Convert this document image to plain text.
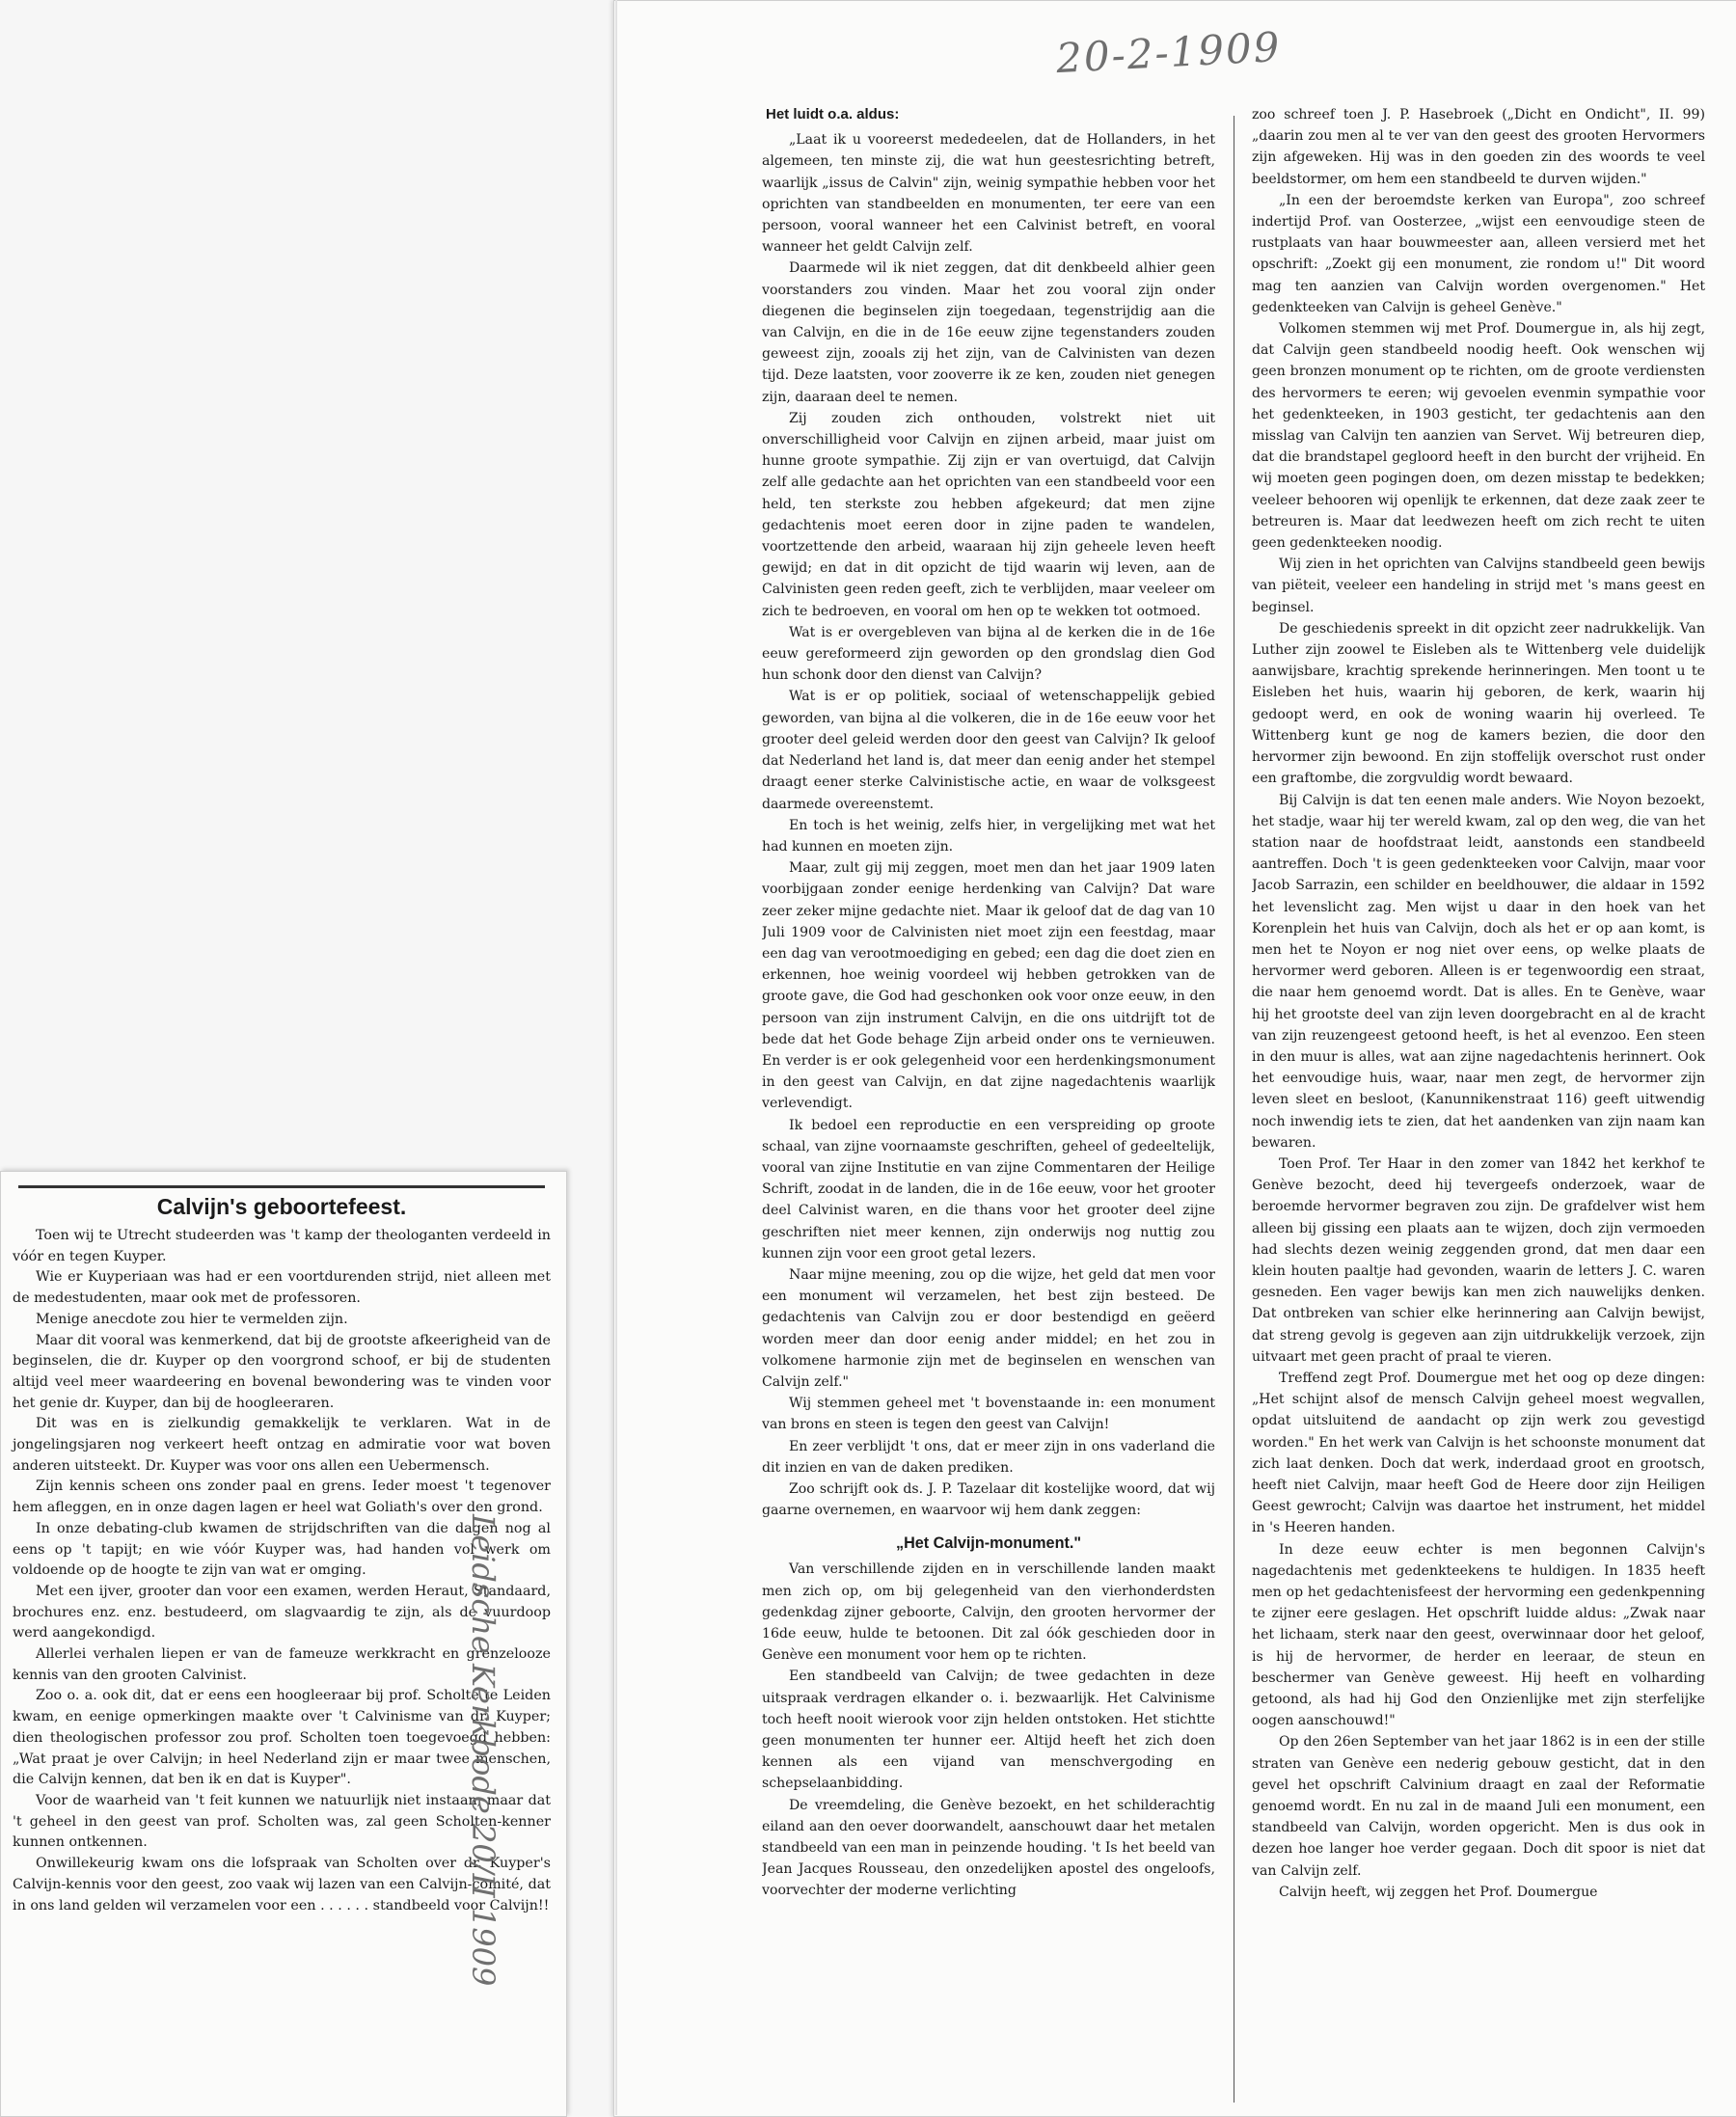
20-2-1909

Het luidt o.a. aldus:

„Laat ik u vooreerst mededeelen, dat de Hollanders, in het algemeen, ten minste zij, die wat hun geestesrichting betreft, waarlijk „issus de Calvin" zijn, weinig sympathie hebben voor het oprichten van standbeelden en monumenten, ter eere van een persoon, vooral wanneer het een Calvinist betreft, en vooral wanneer het geldt Calvijn zelf.

Daarmede wil ik niet zeggen, dat dit denkbeeld alhier geen voorstanders zou vinden. Maar het zou vooral zijn onder diegenen die beginselen zijn toegedaan, tegenstrijdig aan die van Calvijn, en die in de 16e eeuw zijne tegenstanders zouden geweest zijn, zooals zij het zijn, van de Calvinisten van dezen tijd. Deze laatsten, voor zooverre ik ze ken, zouden niet genegen zijn, daaraan deel te nemen.

Zij zouden zich onthouden, volstrekt niet uit onverschilligheid voor Calvijn en zijnen arbeid, maar juist om hunne groote sympathie. Zij zijn er van overtuigd, dat Calvijn zelf alle gedachte aan het oprichten van een standbeeld voor een held, ten sterkste zou hebben afgekeurd; dat men zijne gedachtenis moet eeren door in zijne paden te wandelen, voortzettende den arbeid, waaraan hij zijn geheele leven heeft gewijd; en dat in dit opzicht de tijd waarin wij leven, aan de Calvinisten geen reden geeft, zich te verblijden, maar veeleer om zich te bedroeven, en vooral om hen op te wekken tot ootmoed.

Wat is er overgebleven van bijna al de kerken die in de 16e eeuw gereformeerd zijn geworden op den grondslag dien God hun schonk door den dienst van Calvijn?

Wat is er op politiek, sociaal of wetenschappelijk gebied geworden, van bijna al die volkeren, die in de 16e eeuw voor het grooter deel geleid werden door den geest van Calvijn? Ik geloof dat Nederland het land is, dat meer dan eenig ander het stempel draagt eener sterke Calvinistische actie, en waar de volksgeest daarmede overeenstemt.

En toch is het weinig, zelfs hier, in vergelijking met wat het had kunnen en moeten zijn.

Maar, zult gij mij zeggen, moet men dan het jaar 1909 laten voorbijgaan zonder eenige herdenking van Calvijn? Dat ware zeer zeker mijne gedachte niet. Maar ik geloof dat de dag van 10 Juli 1909 voor de Calvinisten niet moet zijn een feestdag, maar een dag van verootmoediging en gebed; een dag die doet zien en erkennen, hoe weinig voordeel wij hebben getrokken van de groote gave, die God had geschonken ook voor onze eeuw, in den persoon van zijn instrument Calvijn, en die ons uitdrijft tot de bede dat het Gode behage Zijn arbeid onder ons te vernieuwen. En verder is er ook gelegenheid voor een herdenkingsmonument in den geest van Calvijn, en dat zijne nagedachtenis waarlijk verlevendigt.

Ik bedoel een reproductie en een verspreiding op groote schaal, van zijne voornaamste geschriften, geheel of gedeeltelijk, vooral van zijne Institutie en van zijne Commentaren der Heilige Schrift, zoodat in de landen, die in de 16e eeuw, voor het grooter deel Calvinist waren, en die thans voor het grooter deel zijne geschriften niet meer kennen, zijn onderwijs nog nuttig zou kunnen zijn voor een groot getal lezers.

Naar mijne meening, zou op die wijze, het geld dat men voor een monument wil verzamelen, het best zijn besteed. De gedachtenis van Calvijn zou er door bestendigd en geëerd worden meer dan door eenig ander middel; en het zou in volkomene harmonie zijn met de beginselen en wenschen van Calvijn zelf."

Wij stemmen geheel met 't bovenstaande in: een monument van brons en steen is tegen den geest van Calvijn!

En zeer verblijdt 't ons, dat er meer zijn in ons vaderland die dit inzien en van de daken prediken.

Zoo schrijft ook ds. J. P. Tazelaar dit kostelijke woord, dat wij gaarne overnemen, en waarvoor wij hem dank zeggen:

„Het Calvijn-monument."

Van verschillende zijden en in verschillende landen maakt men zich op, om bij gelegenheid van den vierhonderdsten gedenkdag zijner geboorte, Calvijn, den grooten hervormer der 16de eeuw, hulde te betoonen. Dit zal óók geschieden door in Genève een monument voor hem op te richten.

Een standbeeld van Calvijn; de twee gedachten in deze uitspraak verdragen elkander o. i. bezwaarlijk. Het Calvinisme toch heeft nooit wierook voor zijn helden ontstoken. Het stichtte geen monumenten ter hunner eer. Altijd heeft het zich doen kennen als een vijand van menschvergoding en schepselaanbidding.

De vreemdeling, die Genève bezoekt, en het schilderachtig eiland aan den oever doorwandelt, aanschouwt daar het metalen standbeeld van een man in peinzende houding. 't Is het beeld van Jean Jacques Rousseau, den onzedelijken apostel des ongeloofs, voorvechter der moderne verlichting

zoo schreef toen J. P. Hasebroek („Dicht en Ondicht", II. 99) „daarin zou men al te ver van den geest des grooten Hervormers zijn afgeweken. Hij was in den goeden zin des woords te veel beeldstormer, om hem een standbeeld te durven wijden."

„In een der beroemdste kerken van Europa", zoo schreef indertijd Prof. van Oosterzee, „wijst een eenvoudige steen de rustplaats van haar bouwmeester aan, alleen versierd met het opschrift: „Zoekt gij een monument, zie rondom u!" Dit woord mag ten aanzien van Calvijn worden overgenomen." Het gedenkteeken van Calvijn is geheel Genève."

Volkomen stemmen wij met Prof. Doumergue in, als hij zegt, dat Calvijn geen standbeeld noodig heeft. Ook wenschen wij geen bronzen monument op te richten, om de groote verdiensten des hervormers te eeren; wij gevoelen evenmin sympathie voor het gedenkteeken, in 1903 gesticht, ter gedachtenis aan den misslag van Calvijn ten aanzien van Servet. Wij betreuren diep, dat die brandstapel gegloord heeft in den burcht der vrijheid. En wij moeten geen pogingen doen, om dezen misstap te bedekken; veeleer behooren wij openlijk te erkennen, dat deze zaak zeer te betreuren is. Maar dat leedwezen heeft om zich recht te uiten geen gedenkteeken noodig.

Wij zien in het oprichten van Calvijns standbeeld geen bewijs van piëteit, veeleer een handeling in strijd met 's mans geest en beginsel.

De geschiedenis spreekt in dit opzicht zeer nadrukkelijk. Van Luther zijn zoowel te Eisleben als te Wittenberg vele duidelijk aanwijsbare, krachtig sprekende herinneringen. Men toont u te Eisleben het huis, waarin hij geboren, de kerk, waarin hij gedoopt werd, en ook de woning waarin hij overleed. Te Wittenberg kunt ge nog de kamers bezien, die door den hervormer zijn bewoond. En zijn stoffelijk overschot rust onder een graftombe, die zorgvuldig wordt bewaard.

Bij Calvijn is dat ten eenen male anders. Wie Noyon bezoekt, het stadje, waar hij ter wereld kwam, zal op den weg, die van het station naar de hoofdstraat leidt, aanstonds een standbeeld aantreffen. Doch 't is geen gedenkteeken voor Calvijn, maar voor Jacob Sarrazin, een schilder en beeldhouwer, die aldaar in 1592 het levenslicht zag. Men wijst u daar in den hoek van het Korenplein het huis van Calvijn, doch als het er op aan komt, is men het te Noyon er nog niet over eens, op welke plaats de hervormer werd geboren. Alleen is er tegenwoordig een straat, die naar hem genoemd wordt. Dat is alles. En te Genève, waar hij het grootste deel van zijn leven doorgebracht en al de kracht van zijn reuzengeest getoond heeft, is het al evenzoo. Een steen in den muur is alles, wat aan zijne nagedachtenis herinnert. Ook het eenvoudige huis, waar, naar men zegt, de hervormer zijn leven sleet en besloot, (Kanunnikenstraat 116) geeft uitwendig noch inwendig iets te zien, dat het aandenken van zijn naam kan bewaren.

Toen Prof. Ter Haar in den zomer van 1842 het kerkhof te Genève bezocht, deed hij tevergeefs onderzoek, waar de beroemde hervormer begraven zou zijn. De grafdelver wist hem alleen bij gissing een plaats aan te wijzen, doch zijn vermoeden had slechts dezen weinig zeggenden grond, dat men daar een klein houten paaltje had gevonden, waarin de letters J. C. waren gesneden. Een vager bewijs kan men zich nauwelijks denken. Dat ontbreken van schier elke herinnering aan Calvijn bewijst, dat streng gevolg is gegeven aan zijn uitdrukkelijk verzoek, zijn uitvaart met geen pracht of praal te vieren.

Treffend zegt Prof. Doumergue met het oog op deze dingen: „Het schijnt alsof de mensch Calvijn geheel moest wegvallen, opdat uitsluitend de aandacht op zijn werk zou gevestigd worden." En het werk van Calvijn is het schoonste monument dat zich laat denken. Doch dat werk, inderdaad groot en grootsch, heeft niet Calvijn, maar heeft God de Heere door zijn Heiligen Geest gewrocht; Calvijn was daartoe het instrument, het middel in 's Heeren handen.

In deze eeuw echter is men begonnen Calvijn's nagedachtenis met gedenkteekens te huldigen. In 1835 heeft men op het gedachtenisfeest der hervorming een gedenkpenning te zijner eere geslagen. Het opschrift luidde aldus: „Zwak naar het lichaam, sterk naar den geest, overwinnaar door het geloof, is hij de hervormer, de herder en leeraar, de steun en beschermer van Genève geweest. Hij heeft en volharding getoond, als had hij God den Onzienlijke met zijn sterfelijke oogen aanschouwd!"

Op den 26en September van het jaar 1862 is in een der stille straten van Genève een nederig gebouw gesticht, dat in den gevel het opschrift Calvinium draagt en zaal der Reformatie genoemd wordt. En nu zal in de maand Juli een monument, een standbeeld van Calvijn, worden opgericht. Men is dus ook in dezen hoe langer hoe verder gegaan. Doch dit spoor is niet dat van Calvijn zelf.

Calvijn heeft, wij zeggen het Prof. Doumergue

Calvijn's geboortefeest.

Toen wij te Utrecht studeerden was 't kamp der theologanten verdeeld in vóór en tegen Kuyper.

Wie er Kuyperiaan was had er een voortdurenden strijd, niet alleen met de medestudenten, maar ook met de professoren.

Menige anecdote zou hier te vermelden zijn.

Maar dit vooral was kenmerkend, dat bij de grootste afkeerigheid van de beginselen, die dr. Kuyper op den voorgrond schoof, er bij de studenten altijd veel meer waardeering en bovenal bewondering was te vinden voor het genie dr. Kuyper, dan bij de hoogleeraren.

Dit was en is zielkundig gemakkelijk te verklaren. Wat in de jongelingsjaren nog verkeert heeft ontzag en admiratie voor wat boven anderen uitsteekt. Dr. Kuyper was voor ons allen een Uebermensch.

Zijn kennis scheen ons zonder paal en grens. Ieder moest 't tegenover hem afleggen, en in onze dagen lagen er heel wat Goliath's over den grond.

In onze debating-club kwamen de strijdschriften van die dagen nog al eens op 't tapijt; en wie vóór Kuyper was, had handen vol werk om voldoende op de hoogte te zijn van wat er omging.

Met een ijver, grooter dan voor een examen, werden Heraut, Standaard, brochures enz. enz. bestudeerd, om slagvaardig te zijn, als de vuurdoop werd aangekondigd.

Allerlei verhalen liepen er van de fameuze werkkracht en grenzelooze kennis van den grooten Calvinist.

Zoo o. a. ook dit, dat er eens een hoogleeraar bij prof. Scholte te Leiden kwam, en eenige opmerkingen maakte over 't Calvinisme van dr. Kuyper; dien theologischen professor zou prof. Scholten toen toegevoegd hebben: „Wat praat je over Calvijn; in heel Nederland zijn er maar twee menschen, die Calvijn kennen, dat ben ik en dat is Kuyper".

Voor de waarheid van 't feit kunnen we natuurlijk niet instaan; maar dat 't geheel in den geest van prof. Scholten was, zal geen Scholten-kenner kunnen ontkennen.

Onwillekeurig kwam ons die lofspraak van Scholten over dr. Kuyper's Calvijn-kennis voor den geest, zoo vaak wij lazen van een Calvijn-comité, dat in ons land gelden wil verzamelen voor een . . . . . . standbeeld voor Calvijn!!

Leidsche Kerkbode 20/II 1909
